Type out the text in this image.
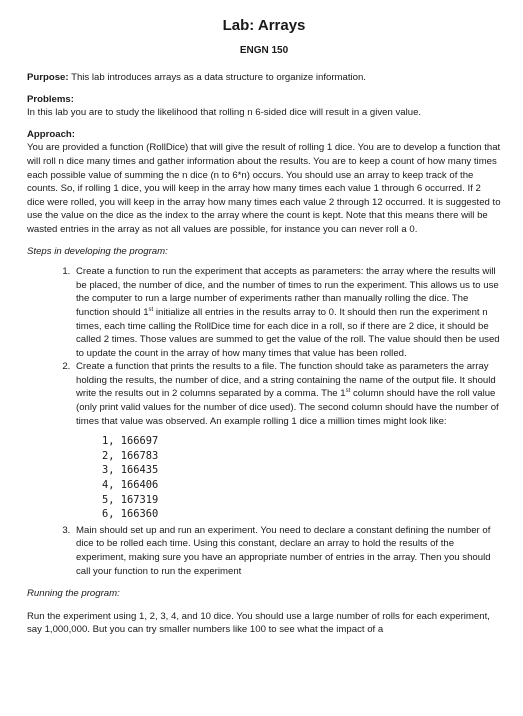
Lab: Arrays
ENGN 150

Purpose: This lab introduces arrays as a data structure to organize information.

Problems:

In this lab you are to study the likelihood that rolling n 6-sided dice will result in a given value.

Approach:

You are provided a function (RollDice) that will give the result of rolling 1 dice. You are to develop a function that will roll n dice many times and gather information about the results. You are to keep a count of how many times each possible value of summing the n dice (n to 6*n) occurs. You should use an array to keep track of the counts. So, if rolling 1 dice, you will keep in the array how many times each value 1 through 6 occurred. If 2 dice were rolled, you will keep in the array how many times each value 2 through 12 occurred. It is suggested to use the value on the dice as the index to the array where the count is kept. Note that this means there will be wasted entries in the array as not all values are possible, for instance you can never roll a 0.

Steps in developing the program:

1. Create a function to run the experiment that accepts as parameters: the array where the results will be placed, the number of dice, and the number of times to run the experiment. This allows us to use the computer to run a large number of experiments rather than manually rolling the dice. The function should 1st initialize all entries in the results array to 0. It should then run the experiment n times, each time calling the RollDice time for each dice in a roll, so if there are 2 dice, it should be called 2 times. Those values are summed to get the value of the roll. The value should then be used to update the count in the array of how many times that value has been rolled.
2. Create a function that prints the results to a file. The function should take as parameters the array holding the results, the number of dice, and a string containing the name of the output file. It should write the results out in 2 columns separated by a comma. The 1st column should have the roll value (only print valid values for the number of dice used). The second column should have the number of times that value was observed. An example rolling 1 dice a million times might look like:
1, 166697
2, 166783
3, 166435
4, 166406
5, 167319
6, 166360
3. Main should set up and run an experiment. You need to declare a constant defining the number of dice to be rolled each time. Using this constant, declare an array to hold the results of the experiment, making sure you have an appropriate number of entries in the array. Then you should call your function to run the experiment

Running the program:

Run the experiment using 1, 2, 3, 4, and 10 dice. You should use a large number of rolls for each experiment, say 1,000,000. But you can try smaller numbers like 100 to see what the impact of a
